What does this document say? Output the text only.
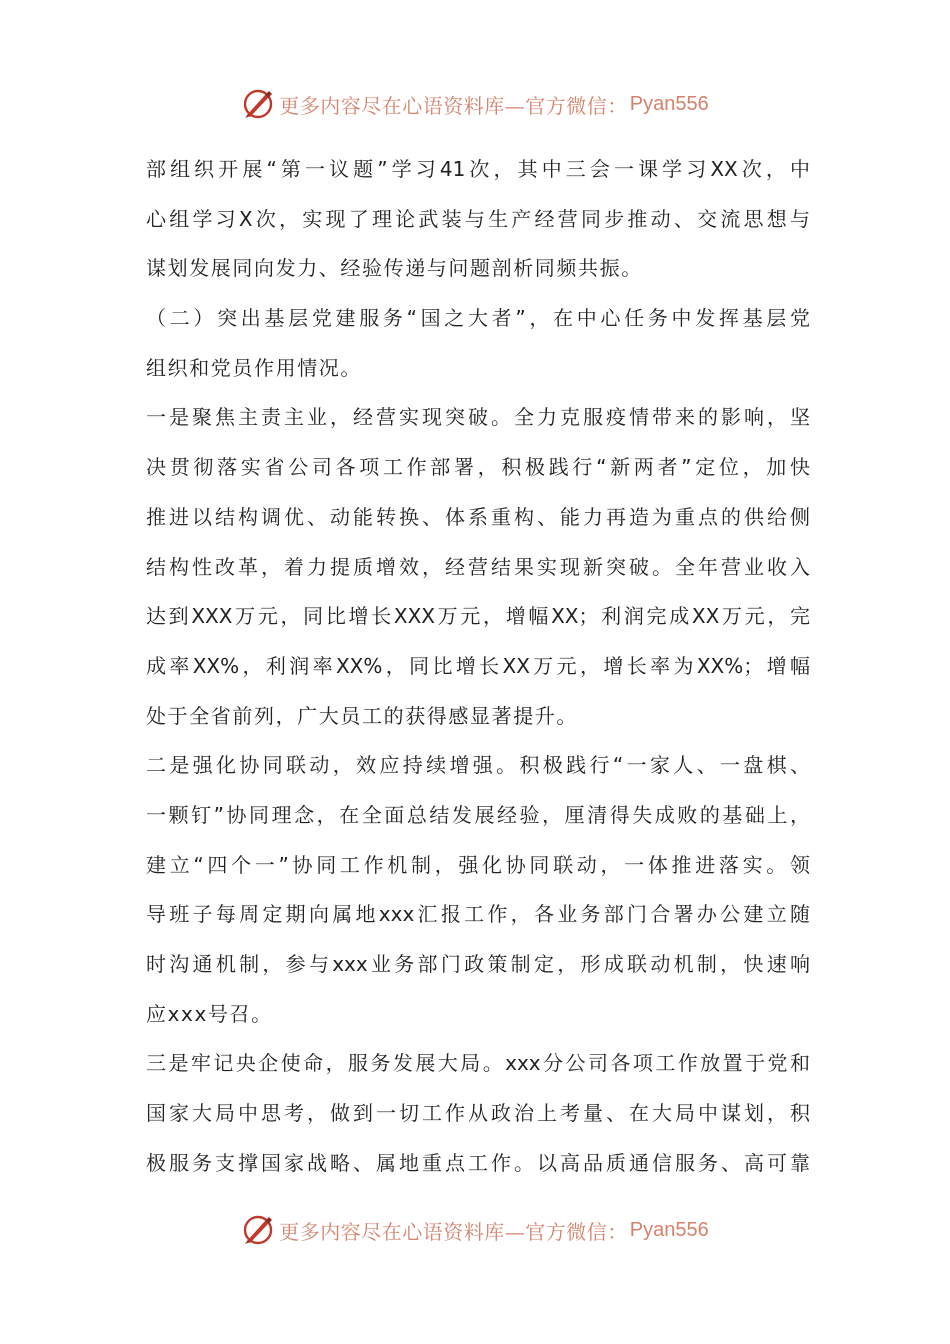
更多内容尽在心语资料库—官方微信： Pyan556
部组织开展“第一议题”学习41次，其中三会一课学习XX次，中
心组学习X次，实现了理论武装与生产经营同步推动、交流思想与
谋划发展同向发力、经验传递与问题剖析同频共振。
（二）突出基层党建服务“国之大者”，在中心任务中发挥基层党
组织和党员作用情况。
一是聚焦主责主业，经营实现突破。全力克服疫情带来的影响，坚
决贯彻落实省公司各项工作部署，积极践行“新两者”定位，加快
推进以结构调优、动能转换、体系重构、能力再造为重点的供给侧
结构性改革，着力提质增效，经营结果实现新突破。全年营业收入
达到XXX万元，同比增长XXX万元，增幅XX；利润完成XX万元，完
成率XX%，利润率XX%，同比增长XX万元，增长率为XX%；增幅
处于全省前列，广大员工的获得感显著提升。
二是强化协同联动，效应持续增强。积极践行“一家人、一盘棋、
一颗钉”协同理念，在全面总结发展经验，厘清得失成败的基础上，
建立“四个一”协同工作机制，强化协同联动，一体推进落实。领
导班子每周定期向属地xxx汇报工作，各业务部门合署办公建立随
时沟通机制，参与xxx业务部门政策制定，形成联动机制，快速响
应xxx号召。
三是牢记央企使命，服务发展大局。xxx分公司各项工作放置于党和
国家大局中思考，做到一切工作从政治上考量、在大局中谋划，积
极服务支撑国家战略、属地重点工作。以高品质通信服务、高可靠
更多内容尽在心语资料库—官方微信： Pyan556
